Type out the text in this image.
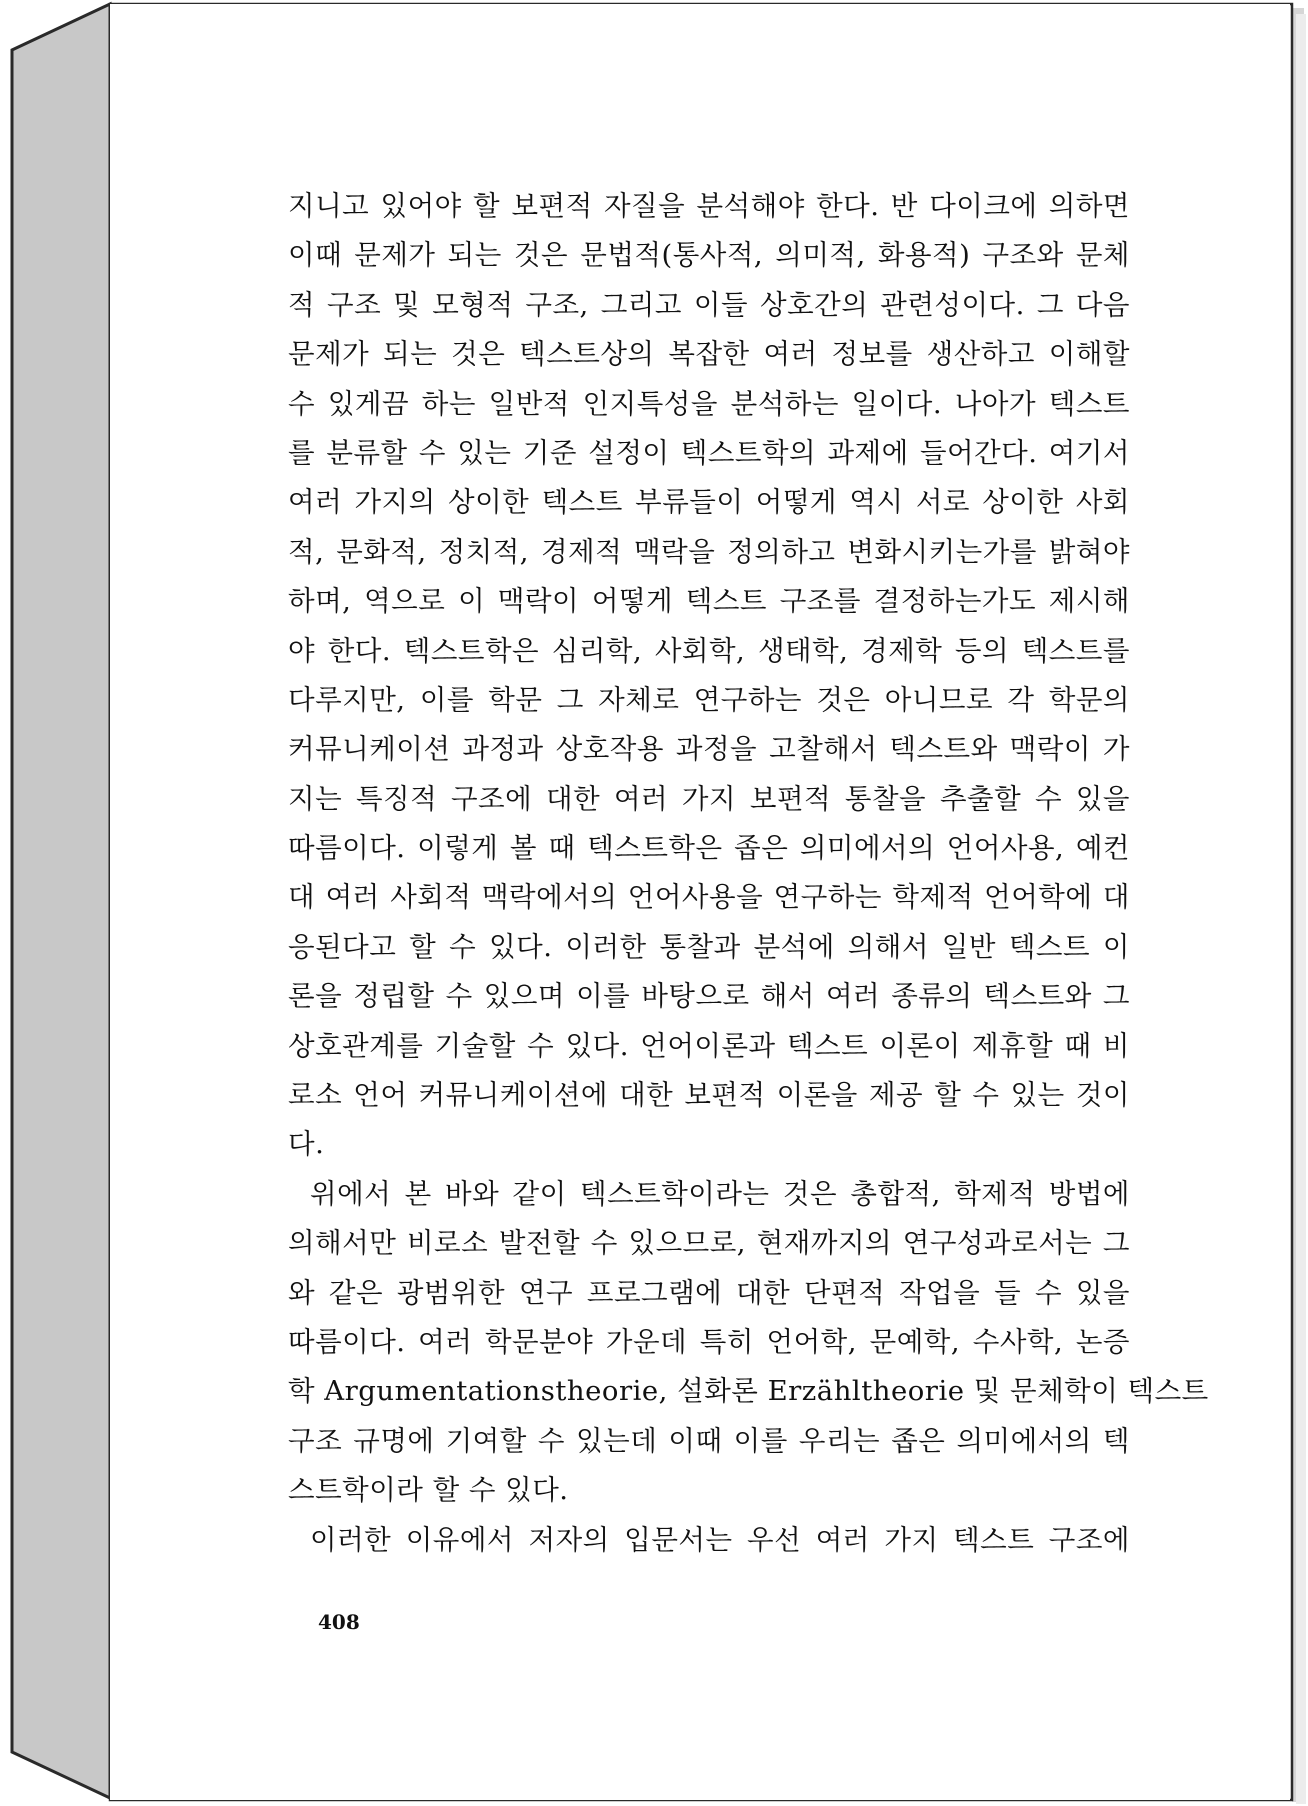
지니고 있어야 할 보편적 자질을 분석해야 한다. 반 다이크에 의하면
이때 문제가 되는 것은 문법적(통사적, 의미적, 화용적) 구조와 문체
적 구조 및 모형적 구조, 그리고 이들 상호간의 관련성이다. 그 다음
문제가 되는 것은 텍스트상의 복잡한 여러 정보를 생산하고 이해할
수 있게끔 하는 일반적 인지특성을 분석하는 일이다. 나아가 텍스트
를 분류할 수 있는 기준 설정이 텍스트학의 과제에 들어간다. 여기서
여러 가지의 상이한 텍스트 부류들이 어떻게 역시 서로 상이한 사회
적, 문화적, 정치적, 경제적 맥락을 정의하고 변화시키는가를 밝혀야
하며, 역으로 이 맥락이 어떻게 텍스트 구조를 결정하는가도 제시해
야 한다. 텍스트학은 심리학, 사회학, 생태학, 경제학 등의 텍스트를
다루지만, 이를 학문 그 자체로 연구하는 것은 아니므로 각 학문의
커뮤니케이션 과정과 상호작용 과정을 고찰해서 텍스트와 맥락이 가
지는 특징적 구조에 대한 여러 가지 보편적 통찰을 추출할 수 있을
따름이다. 이렇게 볼 때 텍스트학은 좁은 의미에서의 언어사용, 예컨
대 여러 사회적 맥락에서의 언어사용을 연구하는 학제적 언어학에 대
응된다고 할 수 있다. 이러한 통찰과 분석에 의해서 일반 텍스트 이
론을 정립할 수 있으며 이를 바탕으로 해서 여러 종류의 텍스트와 그
상호관계를 기술할 수 있다. 언어이론과 텍스트 이론이 제휴할 때 비
로소 언어 커뮤니케이션에 대한 보편적 이론을 제공 할 수 있는 것이
다.
위에서 본 바와 같이 텍스트학이라는 것은 총합적, 학제적 방법에
의해서만 비로소 발전할 수 있으므로, 현재까지의 연구성과로서는 그
와 같은 광범위한 연구 프로그램에 대한 단편적 작업을 들 수 있을
따름이다. 여러 학문분야 가운데 특히 언어학, 문예학, 수사학, 논증
학 Argumentationstheorie, 설화론 Erzähltheorie 및 문체학이 텍스트
구조 규명에 기여할 수 있는데 이때 이를 우리는 좁은 의미에서의 텍
스트학이라 할 수 있다.
이러한 이유에서 저자의 입문서는 우선 여러 가지 텍스트 구조에
408
